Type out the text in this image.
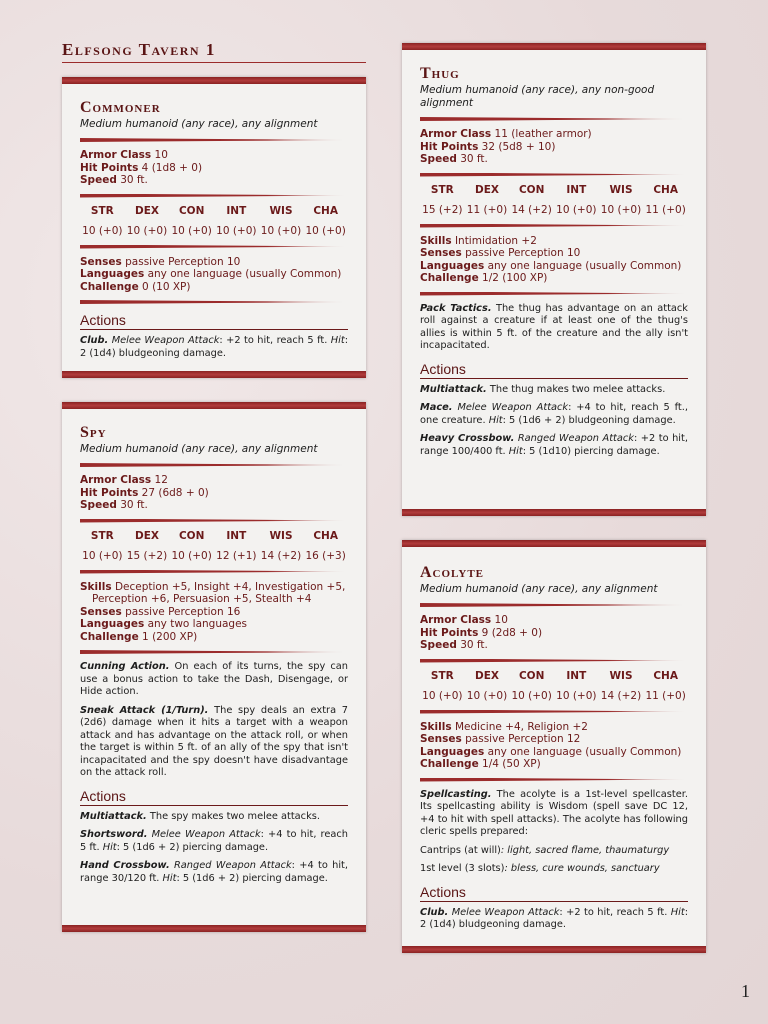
Elfsong Tavern 1
Commoner

Medium humanoid (any race), any alignment

Armor Class 10

Hit Points 4 (1d8 + 0)

Speed 30 ft.

STR	DEX	CON	INT	WIS	CHA
10 (+0) 10 (+0) 10 (+0) 10 (+0) 10 (+0) 10 (+0)

Senses passive Perception 10

Languages any one language (usually Common)

Challenge 0 (10 XP)

Actions

Club. Melee Weapon Attack: +2 to hit, reach 5 ft. Hit: 2 (1d4) bludgeoning damage.

Spy

Medium humanoid (any race), any alignment

Armor Class 12

Hit Points 27 (6d8 + 0)

Speed 30 ft.

STR	DEX	CON	INT	WIS	CHA
10 (+0) 15 (+2) 10 (+0) 12 (+1) 14 (+2) 16 (+3)

Skills Deception +5, Insight +4, Investigation +5,

Perception +6, Persuasion +5, Stealth +4

Senses passive Perception 16

Languages any two languages

Challenge 1 (200 XP)

Cunning Action. On each of its turns, the spy can use a bonus action to take the Dash, Disengage, or Hide action.

Sneak Attack (1/Turn). The spy deals an extra 7 (2d6) damage when it hits a target with a weapon attack and has advantage on the attack roll, or when the target is within 5 ft. of an ally of the spy that isn't incapacitated and the spy doesn't have disadvantage on the attack roll.

Actions

Multiattack. The spy makes two melee attacks.

Shortsword. Melee Weapon Attack: +4 to hit, reach 5 ft. Hit: 5 (1d6 + 2) piercing damage.

Hand Crossbow. Ranged Weapon Attack: +4 to hit, range 30/120 ft. Hit: 5 (1d6 + 2) piercing damage.

Thug

Medium humanoid (any race), any non-good alignment

Armor Class 11 (leather armor)

Hit Points 32 (5d8 + 10)

Speed 30 ft.

STR	DEX	CON	INT	WIS	CHA
15 (+2) 11 (+0) 14 (+2) 10 (+0) 10 (+0) 11 (+0)

Skills Intimidation +2

Senses passive Perception 10

Languages any one language (usually Common)

Challenge 1/2 (100 XP)

Pack Tactics. The thug has advantage on an attack roll against a creature if at least one of the thug's allies is within 5 ft. of the creature and the ally isn't incapacitated.

Actions

Multiattack. The thug makes two melee attacks.

Mace. Melee Weapon Attack: +4 to hit, reach 5 ft., one creature. Hit: 5 (1d6 + 2) bludgeoning damage.

Heavy Crossbow. Ranged Weapon Attack: +2 to hit, range 100/400 ft. Hit: 5 (1d10) piercing damage.

Acolyte

Medium humanoid (any race), any alignment

Armor Class 10

Hit Points 9 (2d8 + 0)

Speed 30 ft.

STR	DEX	CON	INT	WIS	CHA
10 (+0) 10 (+0) 10 (+0) 10 (+0) 14 (+2) 11 (+0)

Skills Medicine +4, Religion +2

Senses passive Perception 12

Languages any one language (usually Common)

Challenge 1/4 (50 XP)

Spellcasting. The acolyte is a 1st-level spellcaster. Its spellcasting ability is Wisdom (spell save DC 12, +4 to hit with spell attacks). The acolyte has following cleric spells prepared:

Cantrips (at will): light, sacred flame, thaumaturgy

1st level (3 slots): bless, cure wounds, sanctuary

Actions

Club. Melee Weapon Attack: +2 to hit, reach 5 ft. Hit: 2 (1d4) bludgeoning damage.

1
